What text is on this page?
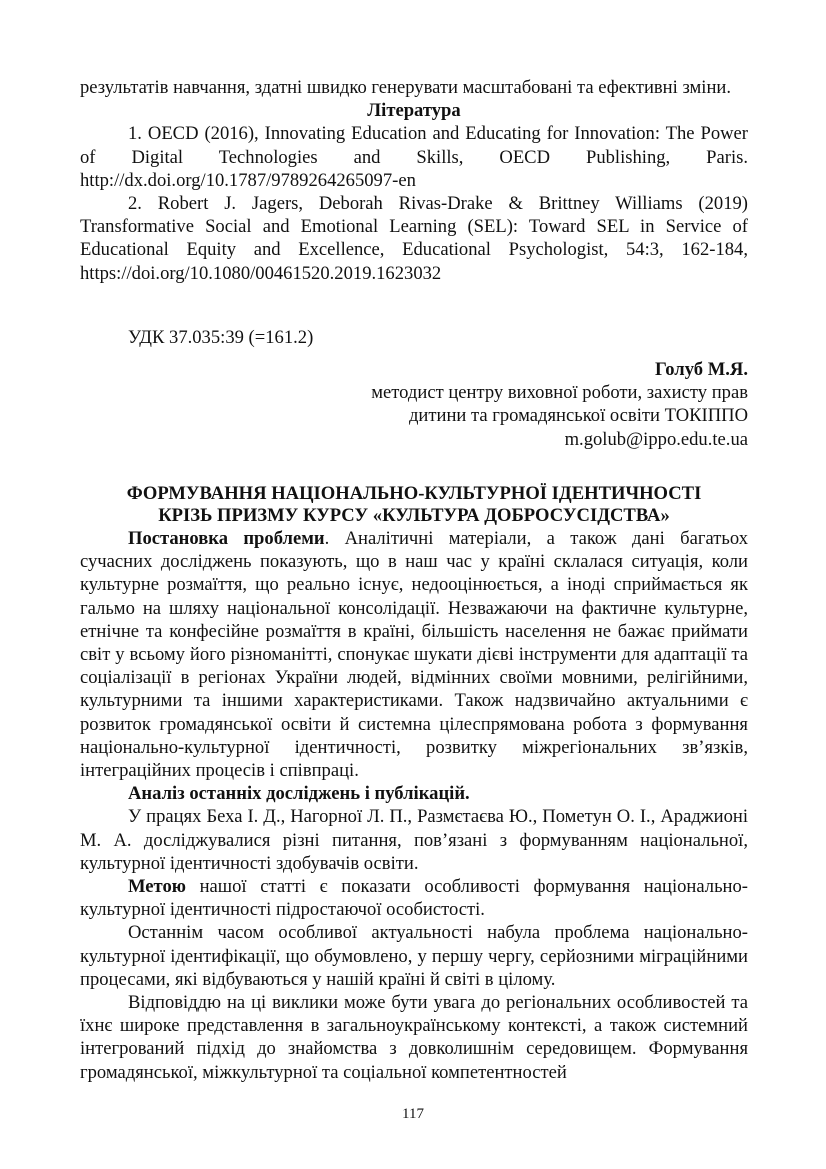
результатів навчання, здатні швидко генерувати масштабовані та ефективні зміни.

Література

1. OECD (2016), Innovating Education and Educating for Innovation: The Power of Digital Technologies and Skills, OECD Publishing, Paris. http://dx.doi.org/10.1787/9789264265097-en

2. Robert J. Jagers, Deborah Rivas-Drake & Brittney Williams (2019) Transformative Social and Emotional Learning (SEL): Toward SEL in Service of Educational Equity and Excellence, Educational Psychologist, 54:3, 162-184, https://doi.org/10.1080/00461520.2019.1623032

УДК 37.035:39 (=161.2)

Голуб М.Я.

методист центру виховної роботи, захисту прав

дитини та громадянської освіти ТОКІППО

m.golub@ippo.edu.te.ua

ФОРМУВАННЯ НАЦІОНАЛЬНО-КУЛЬТУРНОЇ ІДЕНТИЧНОСТІ

КРІЗЬ ПРИЗМУ КУРСУ «КУЛЬТУРА ДОБРОСУСІДСТВА»

Постановка проблеми. Аналітичні матеріали, а також дані багатьох сучасних досліджень показують, що в наш час у країні склалася ситуація, коли культурне розмаїття, що реально існує, недооцінюється, а іноді сприймається як гальмо на шляху національної консолідації. Незважаючи на фактичне культурне, етнічне та конфесійне розмаїття в країні, більшість населення не бажає приймати світ у всьому його різноманітті, спонукає шукати дієві інструменти для адаптації та соціалізації в регіонах України людей, відмінних своїми мовними, релігійними, культурними та іншими характеристиками. Також надзвичайно актуальними є розвиток громадянської освіти й системна цілеспрямована робота з формування національно-культурної ідентичності, розвитку міжрегіональних зв’язків, інтеграційних процесів і співпраці.

Аналіз останніх досліджень і публікацій.

У працях Беха І. Д., Нагорної Л. П., Размєтаєва Ю., Пометун О. І., Араджионі М. А. досліджувалися різні питання, пов’язані з формуванням національної, культурної ідентичності здобувачів освіти.

Метою нашої статті є показати особливості формування національно-культурної ідентичності підростаючої особистості.

Останнім часом особливої актуальності набула проблема національно-культурної ідентифікації, що обумовлено, у першу чергу, серйозними міграційними процесами, які відбуваються у нашій країні й світі в цілому.

Відповіддю на ці виклики може бути увага до регіональних особливостей та їхнє широке представлення в загальноукраїнському контексті, а також системний інтегрований підхід до знайомства з довколишнім середовищем. Формування громадянської, міжкультурної та соціальної компетентностей

117
